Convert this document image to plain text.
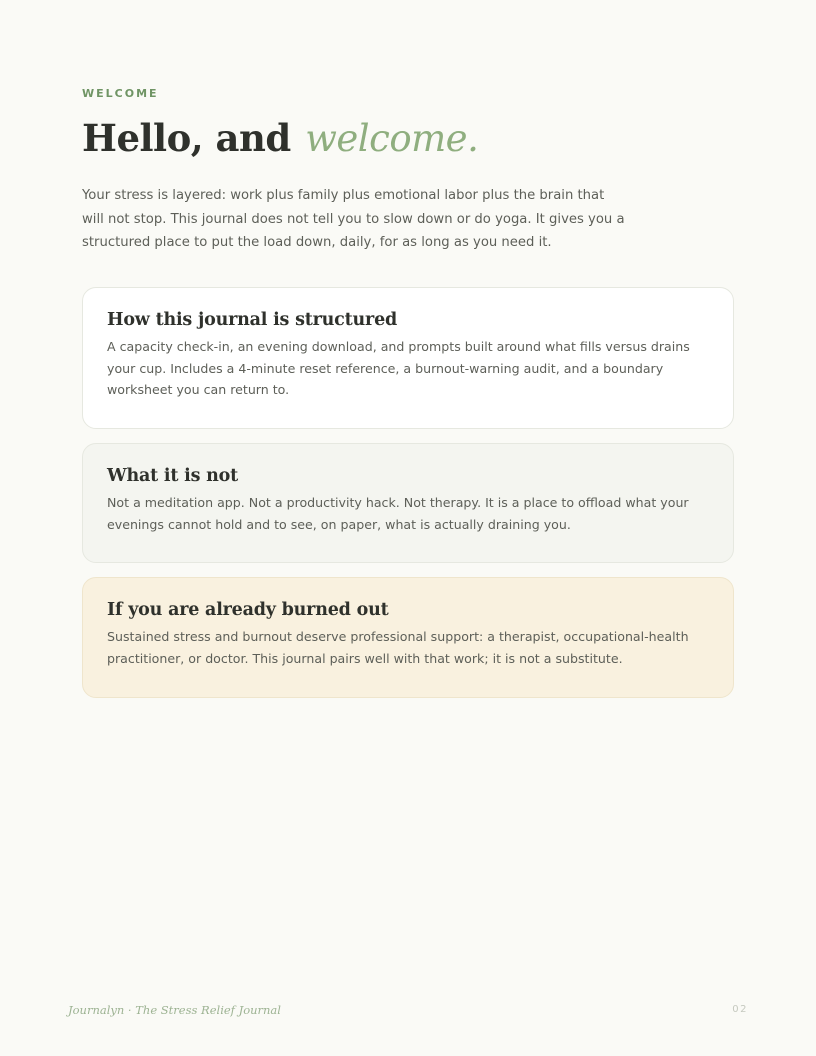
WELCOME
Hello, and welcome.

Your stress is layered: work plus family plus emotional labor plus the brain that will not stop. This journal does not tell you to slow down or do yoga. It gives you a structured place to put the load down, daily, for as long as you need it.

How this journal is structured

A capacity check-in, an evening download, and prompts built around what fills versus drains your cup. Includes a 4-minute reset reference, a burnout-warning audit, and a boundary worksheet you can return to.

What it is not

Not a meditation app. Not a productivity hack. Not therapy. It is a place to offload what your evenings cannot hold and to see, on paper, what is actually draining you.

If you are already burned out

Sustained stress and burnout deserve professional support: a therapist, occupational-health practitioner, or doctor. This journal pairs well with that work; it is not a substitute.

Journalyn · The Stress Relief Journal	02
